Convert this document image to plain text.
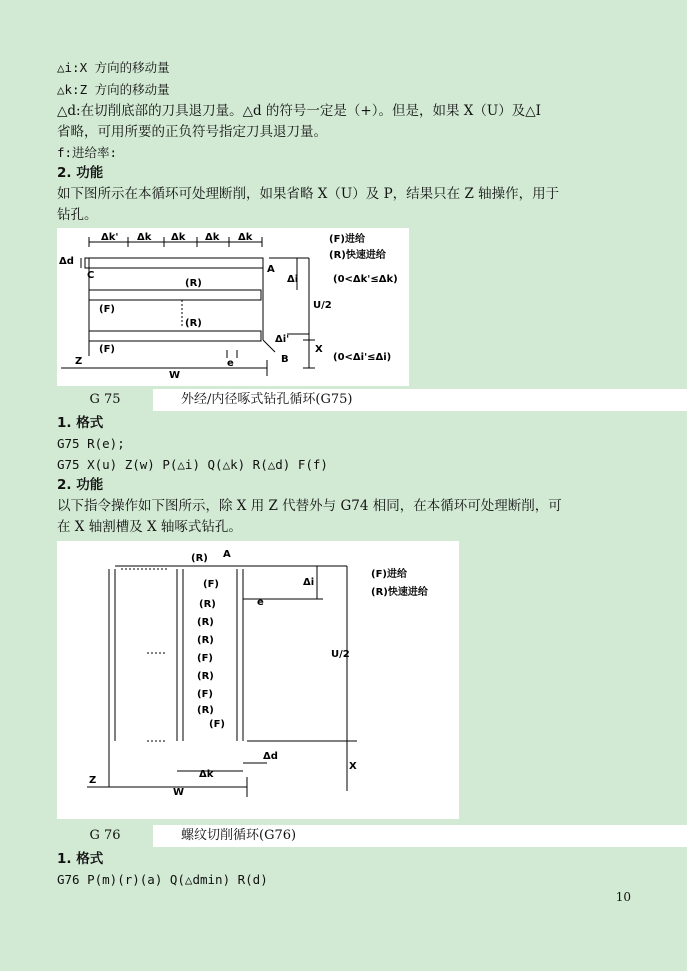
△i:X 方向的移动量
△k:Z 方向的移动量
△d:在切削底部的刀具退刀量。△d 的符号一定是（+）。但是，如果 X（U）及△I
省略，可用所要的正负符号指定刀具退刀量。
f:进给率:
2. 功能
如下图所示在本循环可处理断削，如果省略 X（U）及 P，结果只在 Z 轴操作，用于
钻孔。
Δk' Δk Δk Δk Δk
Δd
C
A
B
(F)进给
(R)快速进给
(0<Δk'≤Δk)
(0<Δi'≤Δi)
Δi
Δi'
U/2
X
(R)
(F)
(R)
(F)
e
Z
W
G 75	外经/内径啄式钻孔循环(G75)
1. 格式
G75 R(e);
G75 X(u) Z(w) P(△i) Q(△k) R(△d) F(f)
2. 功能
以下指令操作如下图所示，除 X 用 Z 代替外与 G74 相同，在本循环可处理断削，可
在 X 轴割槽及 X 轴啄式钻孔。
(R) A
(F)
(R)
(R)
(R)
(F)
(R)
(F)
(R)
(F)
Δi
e
(F)进给
(R)快速进给
U/2
Δd
X
Δk
Z
W
G 76	螺纹切削循环(G76)
1. 格式
G76 P(m)(r)(a) Q(△dmin) R(d)
10
